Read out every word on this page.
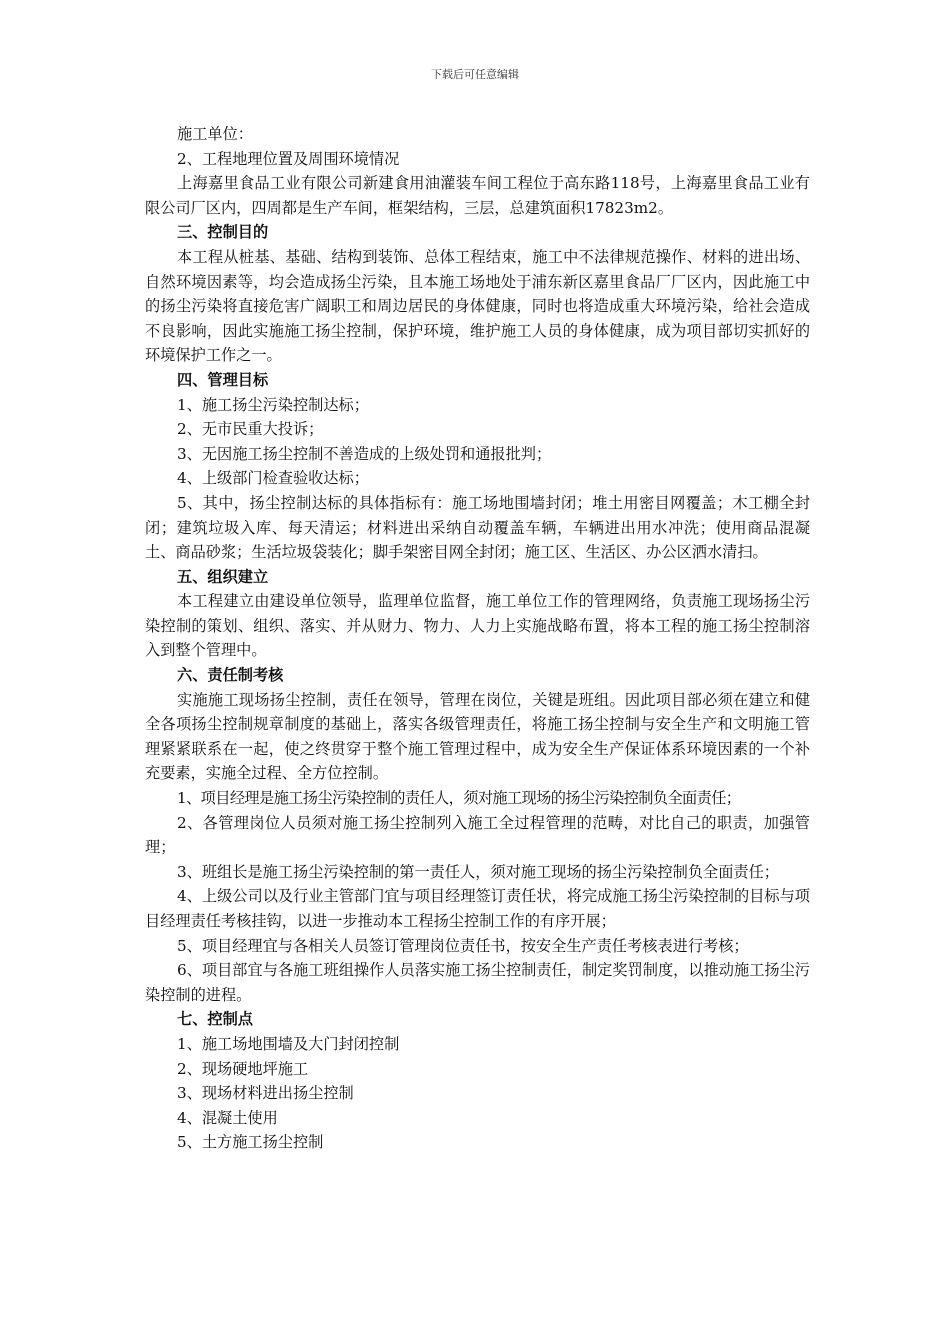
下载后可任意编辑

施工单位：

2、工程地理位置及周围环境情况

上海嘉里食品工业有限公司新建食用油灌装车间工程位于高东路118号，上海嘉里食品工业有限公司厂区内，四周都是生产车间，框架结构，三层，总建筑面积17823m2。

三、控制目的

本工程从桩基、基础、结构到装饰、总体工程结束，施工中不法律规范操作、材料的进出场、自然环境因素等，均会造成扬尘污染，且本施工场地处于浦东新区嘉里食品厂厂区内，因此施工中的扬尘污染将直接危害广阔职工和周边居民的身体健康，同时也将造成重大环境污染，给社会造成不良影响，因此实施施工扬尘控制，保护环境，维护施工人员的身体健康，成为项目部切实抓好的环境保护工作之一。

四、管理目标

1、施工扬尘污染控制达标；

2、无市民重大投诉；

3、无因施工扬尘控制不善造成的上级处罚和通报批判；

4、上级部门检查验收达标；

5、其中，扬尘控制达标的具体指标有：施工场地围墙封闭；堆土用密目网覆盖；木工棚全封闭；建筑垃圾入库、每天清运；材料进出采纳自动覆盖车辆，车辆进出用水冲洗；使用商品混凝土、商品砂浆；生活垃圾袋装化；脚手架密目网全封闭；施工区、生活区、办公区洒水清扫。

五、组织建立

本工程建立由建设单位领导，监理单位监督，施工单位工作的管理网络，负责施工现场扬尘污染控制的策划、组织、落实、并从财力、物力、人力上实施战略布置，将本工程的施工扬尘控制溶入到整个管理中。

六、责任制考核

实施施工现场扬尘控制，责任在领导，管理在岗位，关键是班组。因此项目部必须在建立和健全各项扬尘控制规章制度的基础上，落实各级管理责任，将施工扬尘控制与安全生产和文明施工管理紧紧联系在一起，使之终贯穿于整个施工管理过程中，成为安全生产保证体系环境因素的一个补充要素，实施全过程、全方位控制。

1、项目经理是施工扬尘污染控制的责任人，须对施工现场的扬尘污染控制负全面责任；

2、各管理岗位人员须对施工扬尘控制列入施工全过程管理的范畴，对比自己的职责，加强管理；

3、班组长是施工扬尘污染控制的第一责任人，须对施工现场的扬尘污染控制负全面责任；

4、上级公司以及行业主管部门宜与项目经理签订责任状，将完成施工扬尘污染控制的目标与项目经理责任考核挂钩，以进一步推动本工程扬尘控制工作的有序开展；

5、项目经理宜与各相关人员签订管理岗位责任书，按安全生产责任考核表进行考核；

6、项目部宜与各施工班组操作人员落实施工扬尘控制责任，制定奖罚制度，以推动施工扬尘污染控制的进程。

七、控制点

1、施工场地围墙及大门封闭控制

2、现场硬地坪施工

3、现场材料进出扬尘控制

4、混凝土使用

5、土方施工扬尘控制
